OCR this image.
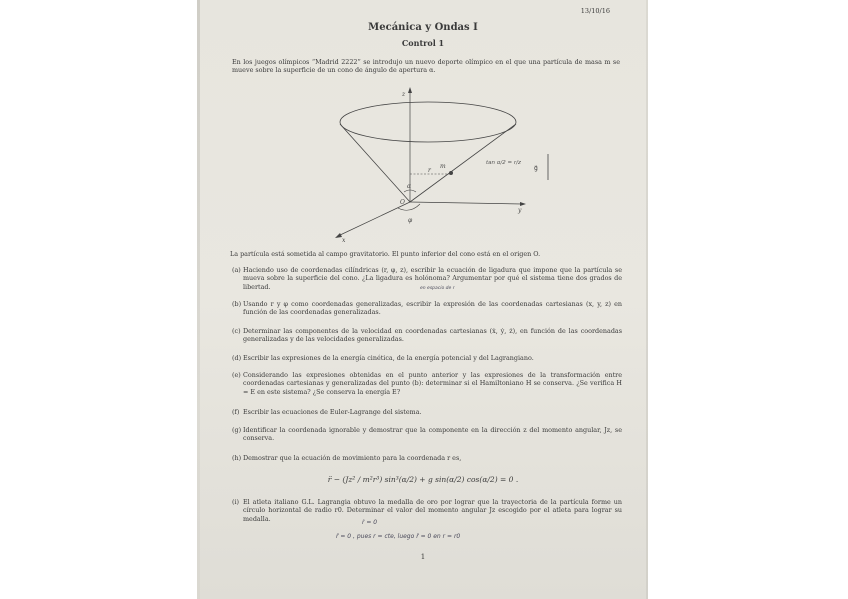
13/10/16
Mecánica y Ondas I
Control 1
En los juegos olímpicos “Madrid 2222” se introdujo un nuevo deporte olímpico en el que una partícula de masa m se mueve sobre la superficie de un cono de ángulo de apertura α.
z
y
x
g⃗
r
m
α
O
φ
tan α/2 = r/z
La partícula está sometida al campo gravitatorio. El punto inferior del cono está en el origen O.
(a) Haciendo uso de coordenadas cilíndricas (r, φ, z), escribir la ecuación de ligadura que impone que la partícula se mueva sobre la superficie del cono. ¿La ligadura es holónoma? Argumentar por qué el sistema tiene dos grados de libertad.	en espacio de r
(b) Usando r y φ como coordenadas generalizadas, escribir la expresión de las coordenadas cartesianas (x, y, z) en función de las coordenadas generalizadas.
(c) Determinar las componentes de la velocidad en coordenadas cartesianas (ẋ, ẏ, ż), en función de las coordenadas generalizadas y de las velocidades generalizadas.
(d) Escribir las expresiones de la energía cinética, de la energía potencial y del Lagrangiano.
(e) Considerando las expresiones obtenidas en el punto anterior y las expresiones de la transformación entre coordenadas cartesianas y generalizadas del punto (b): determinar si el Hamiltoniano H se conserva. ¿Se verifica H = E en este sistema? ¿Se conserva la energía E?
(f) Escribir las ecuaciones de Euler-Lagrange del sistema.
(g) Identificar la coordenada ignorable y demostrar que la componente en la dirección z del momento angular, Jz, se conserva.
(h) Demostrar que la ecuación de movimiento para la coordenada r es,
r̈ − (Jz² / m²r³) sin³(α/2) + g sin(α/2) cos(α/2) = 0 .
(i) El atleta italiano G.L. Lagrangia obtuvo la medalla de oro por lograr que la trayectoria de la partícula forme un círculo horizontal de radio r0. Determinar el valor del momento angular Jz escogido por el atleta para lograr su medalla.	ṙ = 0
r̈ = 0 , pues r = cte, luego r̈ = 0 en r = r0
1
